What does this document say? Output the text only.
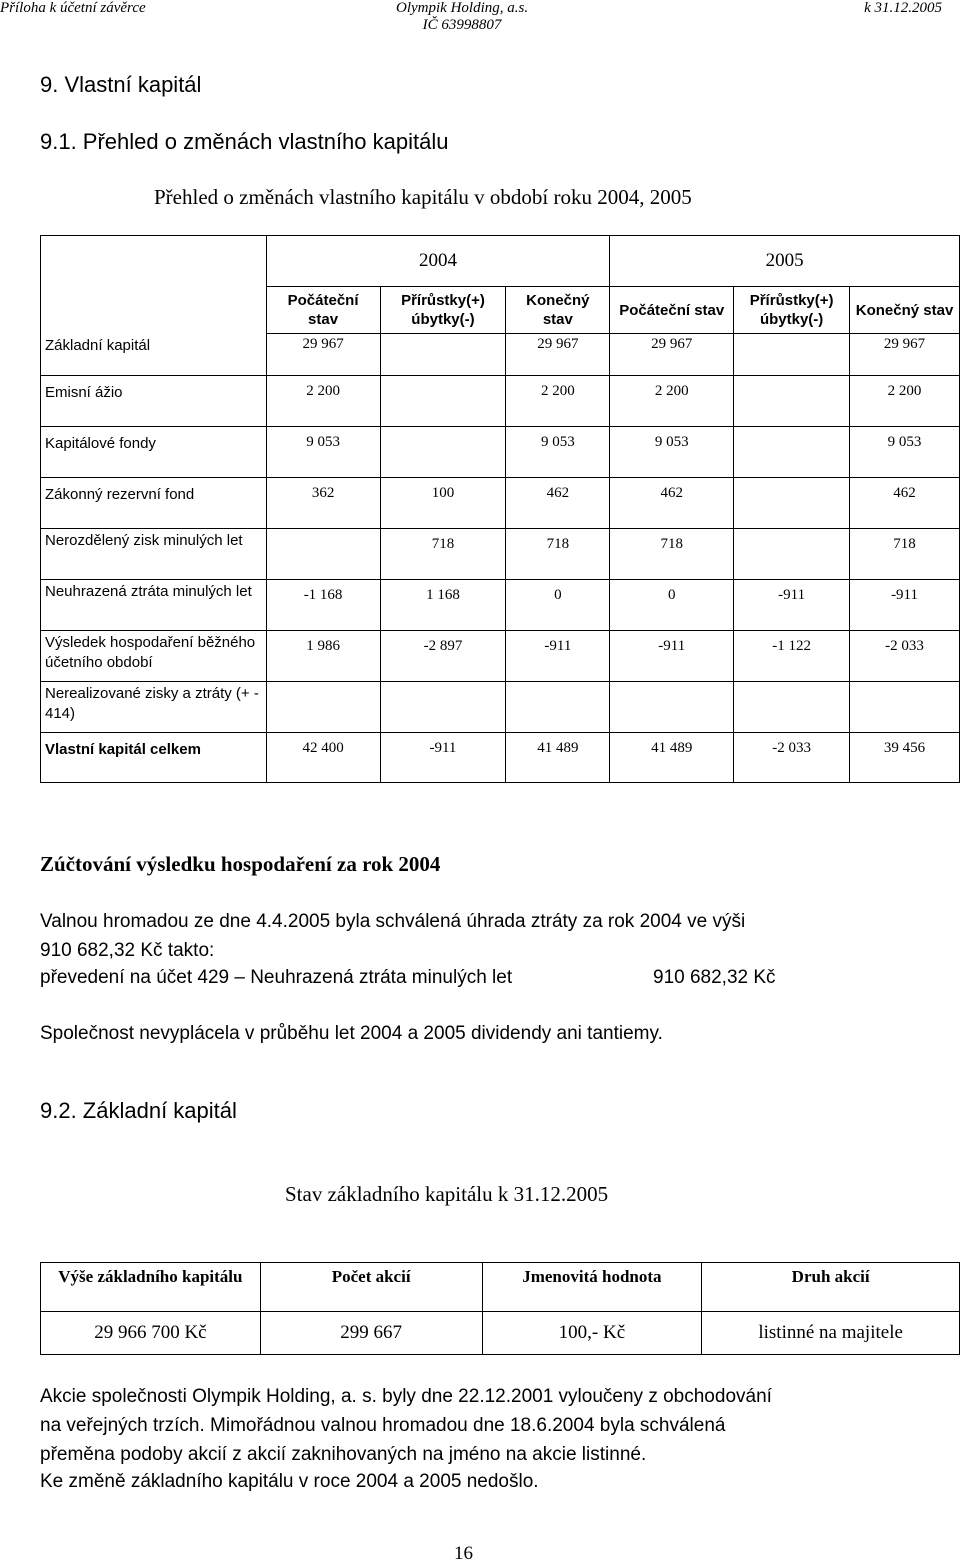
Příloha k účetní závěrce	Olympik Holding, a.s.
IČ 63998807
k 31.12.2005
9. Vlastní kapitál
9.1. Přehled o změnách vlastního kapitálu
Přehled o změnách vlastního kapitálu v období roku 2004, 2005
	2004			2005		
	Počáteční stav	Přírůstky(+) úbytky(-)	Konečný stav	Počáteční stav	Přírůstky(+) úbytky(-)	Konečný stav
Základní kapitál	29 967		29 967	29 967		29 967
Emisní ážio	2 200		2 200	2 200		2 200
Kapitálové fondy	9 053		9 053	9 053		9 053
Zákonný rezervní fond	362	100	462	462		462
Nerozdělený zisk minulých let		718	718	718		718
Neuhrazená ztráta minulých let	-1 168	1 168	0	0	-911	-911
Výsledek hospodaření běžného účetního období	1 986	-2 897	-911	-911	-1 122	-2 033
Nerealizované zisky a ztráty (+ - 414)						
Vlastní kapitál celkem	42 400	-911	41 489	41 489	-2 033	39 456
Zúčtování výsledku hospodaření za rok 2004
Valnou hromadou ze dne 4.4.2005 byla schválená úhrada ztráty za rok 2004 ve výši
910 682,32 Kč takto:
převedení na účet 429 – Neuhrazená ztráta minulých let	910 682,32 Kč
Společnost nevyplácela v průběhu let 2004 a 2005 dividendy ani tantiemy.
9.2. Základní kapitál
Stav základního kapitálu k 31.12.2005
Výše základního kapitálu	Počet akcií	Jmenovitá hodnota	Druh akcií
29 966 700 Kč	299 667	100,- Kč	listinné na majitele
Akcie společnosti Olympik Holding, a. s. byly dne 22.12.2001 vyloučeny z obchodování
na veřejných trzích. Mimořádnou valnou hromadou dne 18.6.2004 byla schválená
přeměna podoby akcií z akcií zaknihovaných na jméno na akcie listinné.
Ke změně základního kapitálu v roce 2004 a 2005 nedošlo.
16
